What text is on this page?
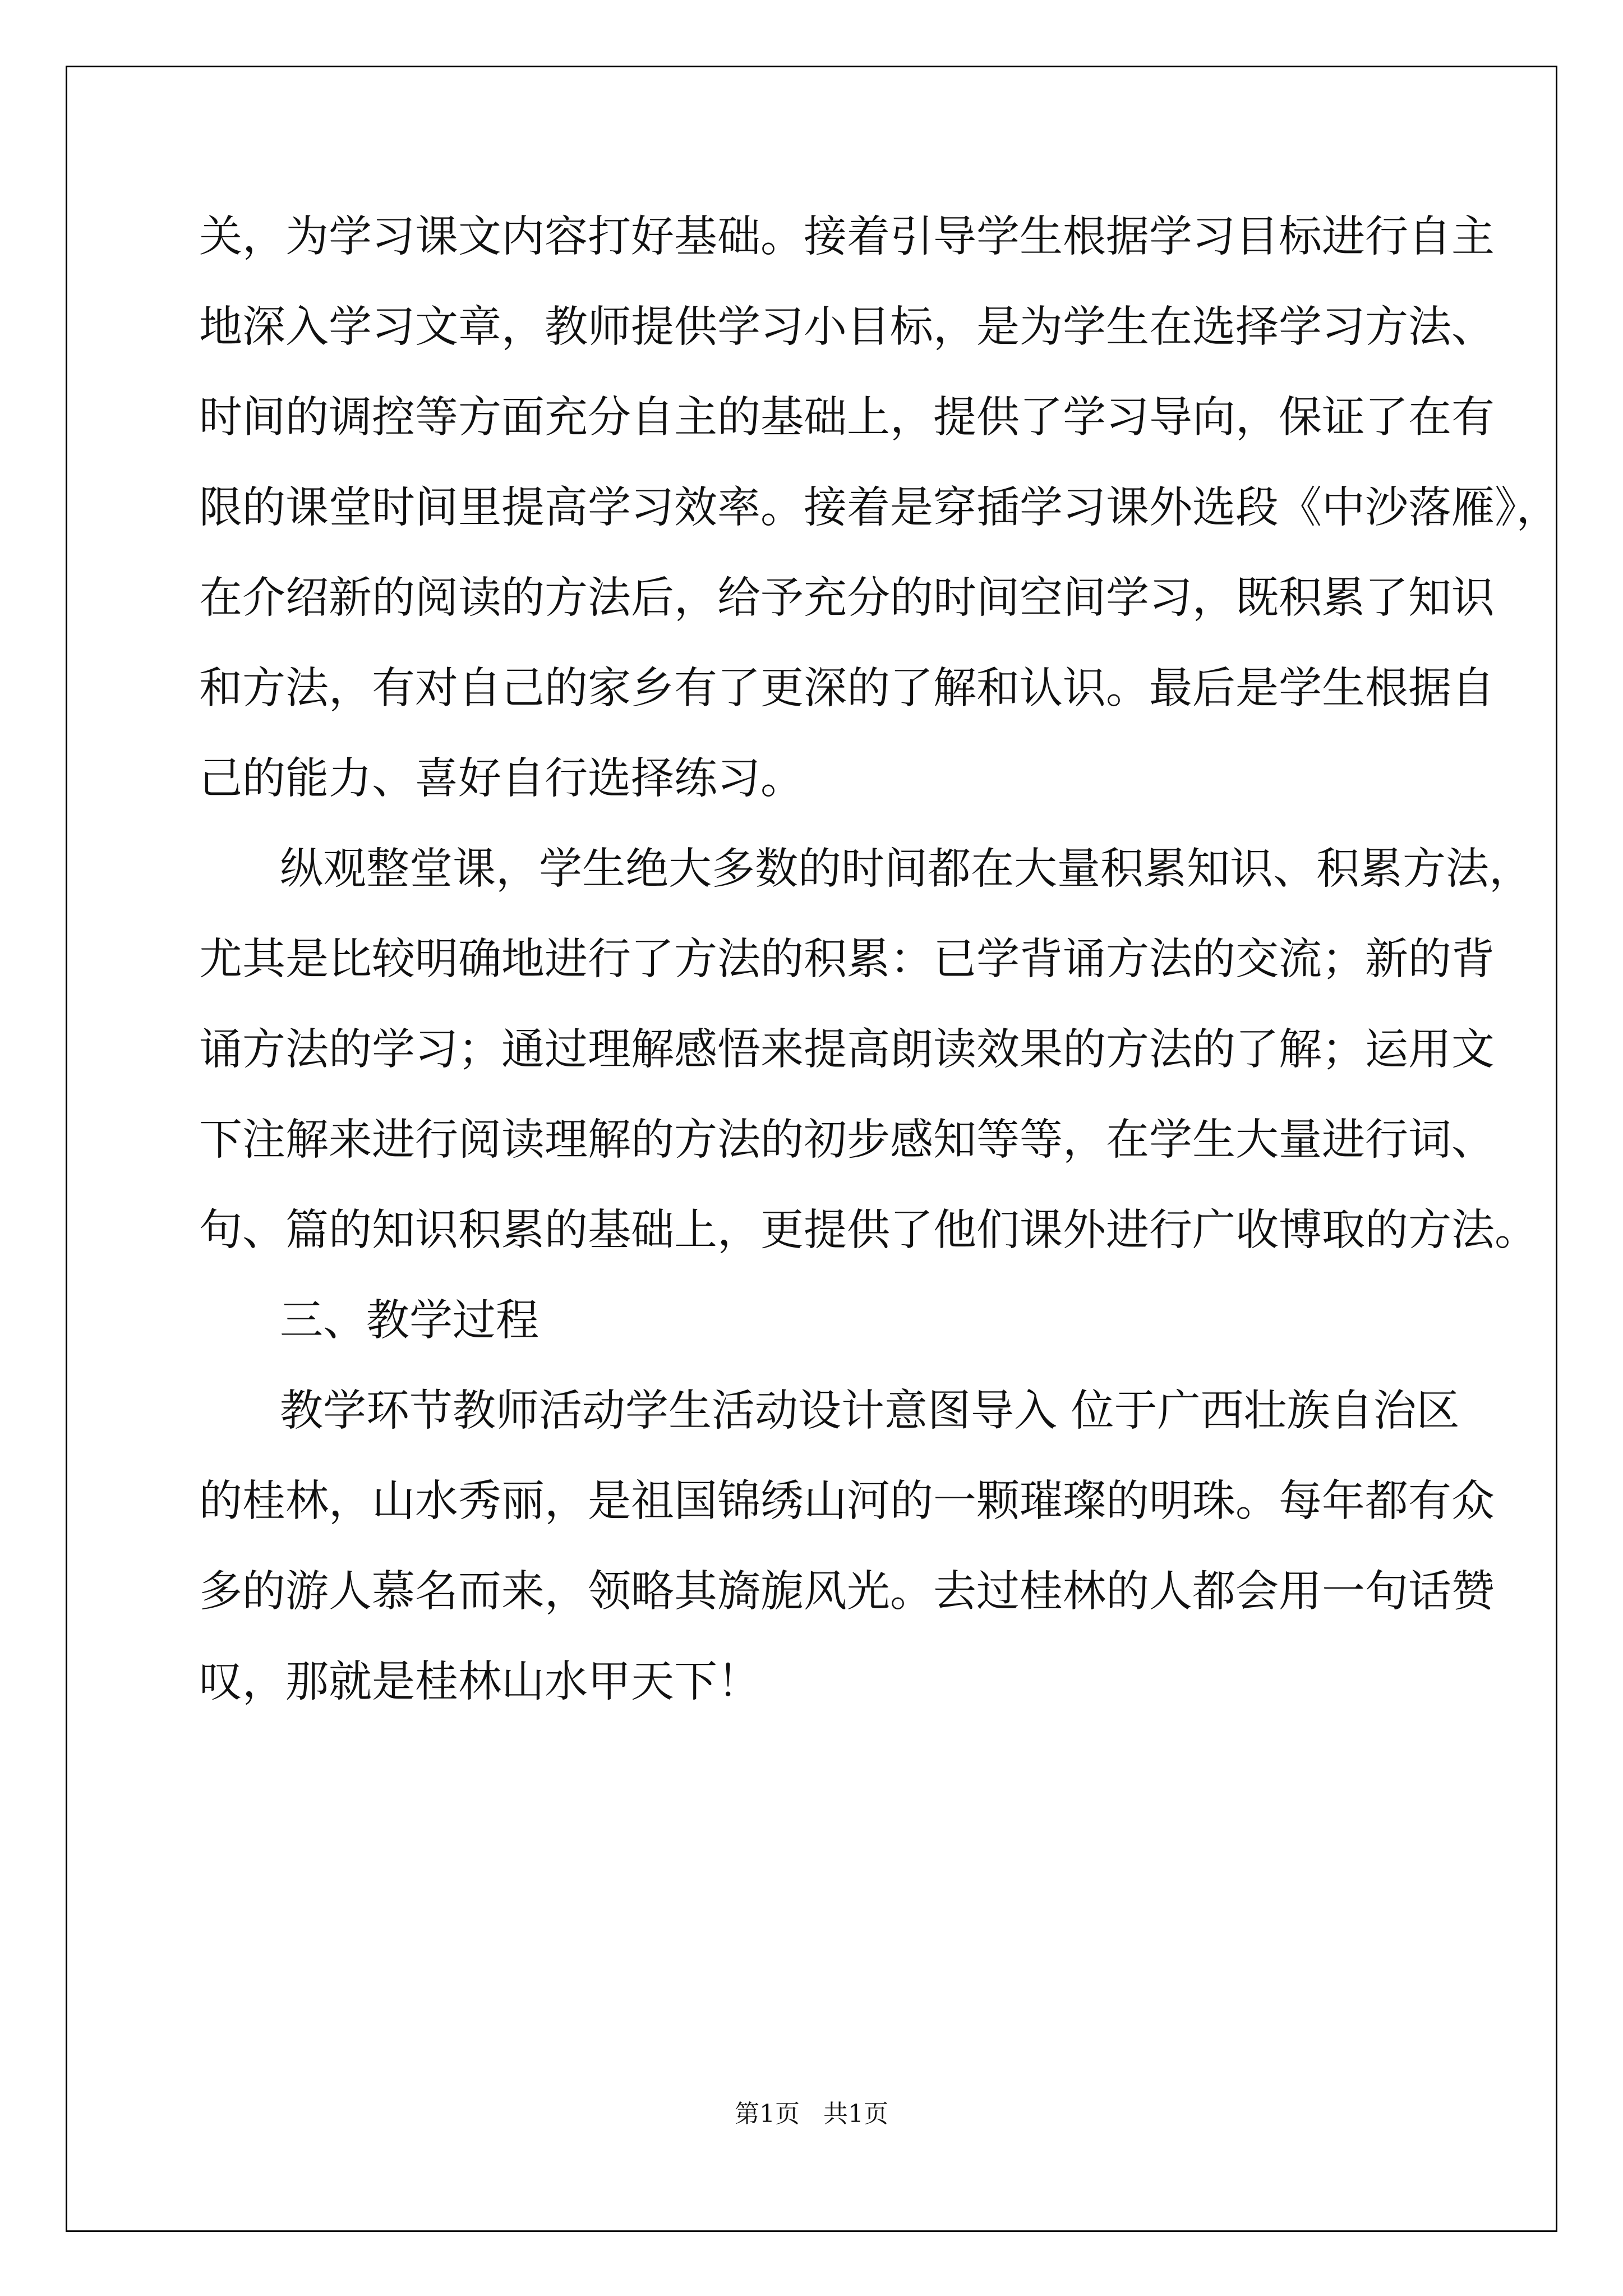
关，为学习课文内容打好基础。接着引导学生根据学习目标进行自主
地深入学习文章，教师提供学习小目标，是为学生在选择学习方法、
时间的调控等方面充分自主的基础上，提供了学习导向，保证了在有
限的课堂时间里提高学习效率。接着是穿插学习课外选段《中沙落雁》，
在介绍新的阅读的方法后，给予充分的时间空间学习，既积累了知识
和方法，有对自己的家乡有了更深的了解和认识。最后是学生根据自
己的能力、喜好自行选择练习。
纵观整堂课，学生绝大多数的时间都在大量积累知识、积累方法，
尤其是比较明确地进行了方法的积累：已学背诵方法的交流；新的背
诵方法的学习；通过理解感悟来提高朗读效果的方法的了解；运用文
下注解来进行阅读理解的方法的初步感知等等，在学生大量进行词、
句、篇的知识积累的基础上，更提供了他们课外进行广收博取的方法。
三、教学过程
教学环节教师活动学生活动设计意图导入 位于广西壮族自治区
的桂林，山水秀丽，是祖国锦绣山河的一颗璀璨的明珠。每年都有众
多的游人慕名而来，领略其旖旎风光。去过桂林的人都会用一句话赞
叹，那就是桂林山水甲天下！
第1页   共1页
